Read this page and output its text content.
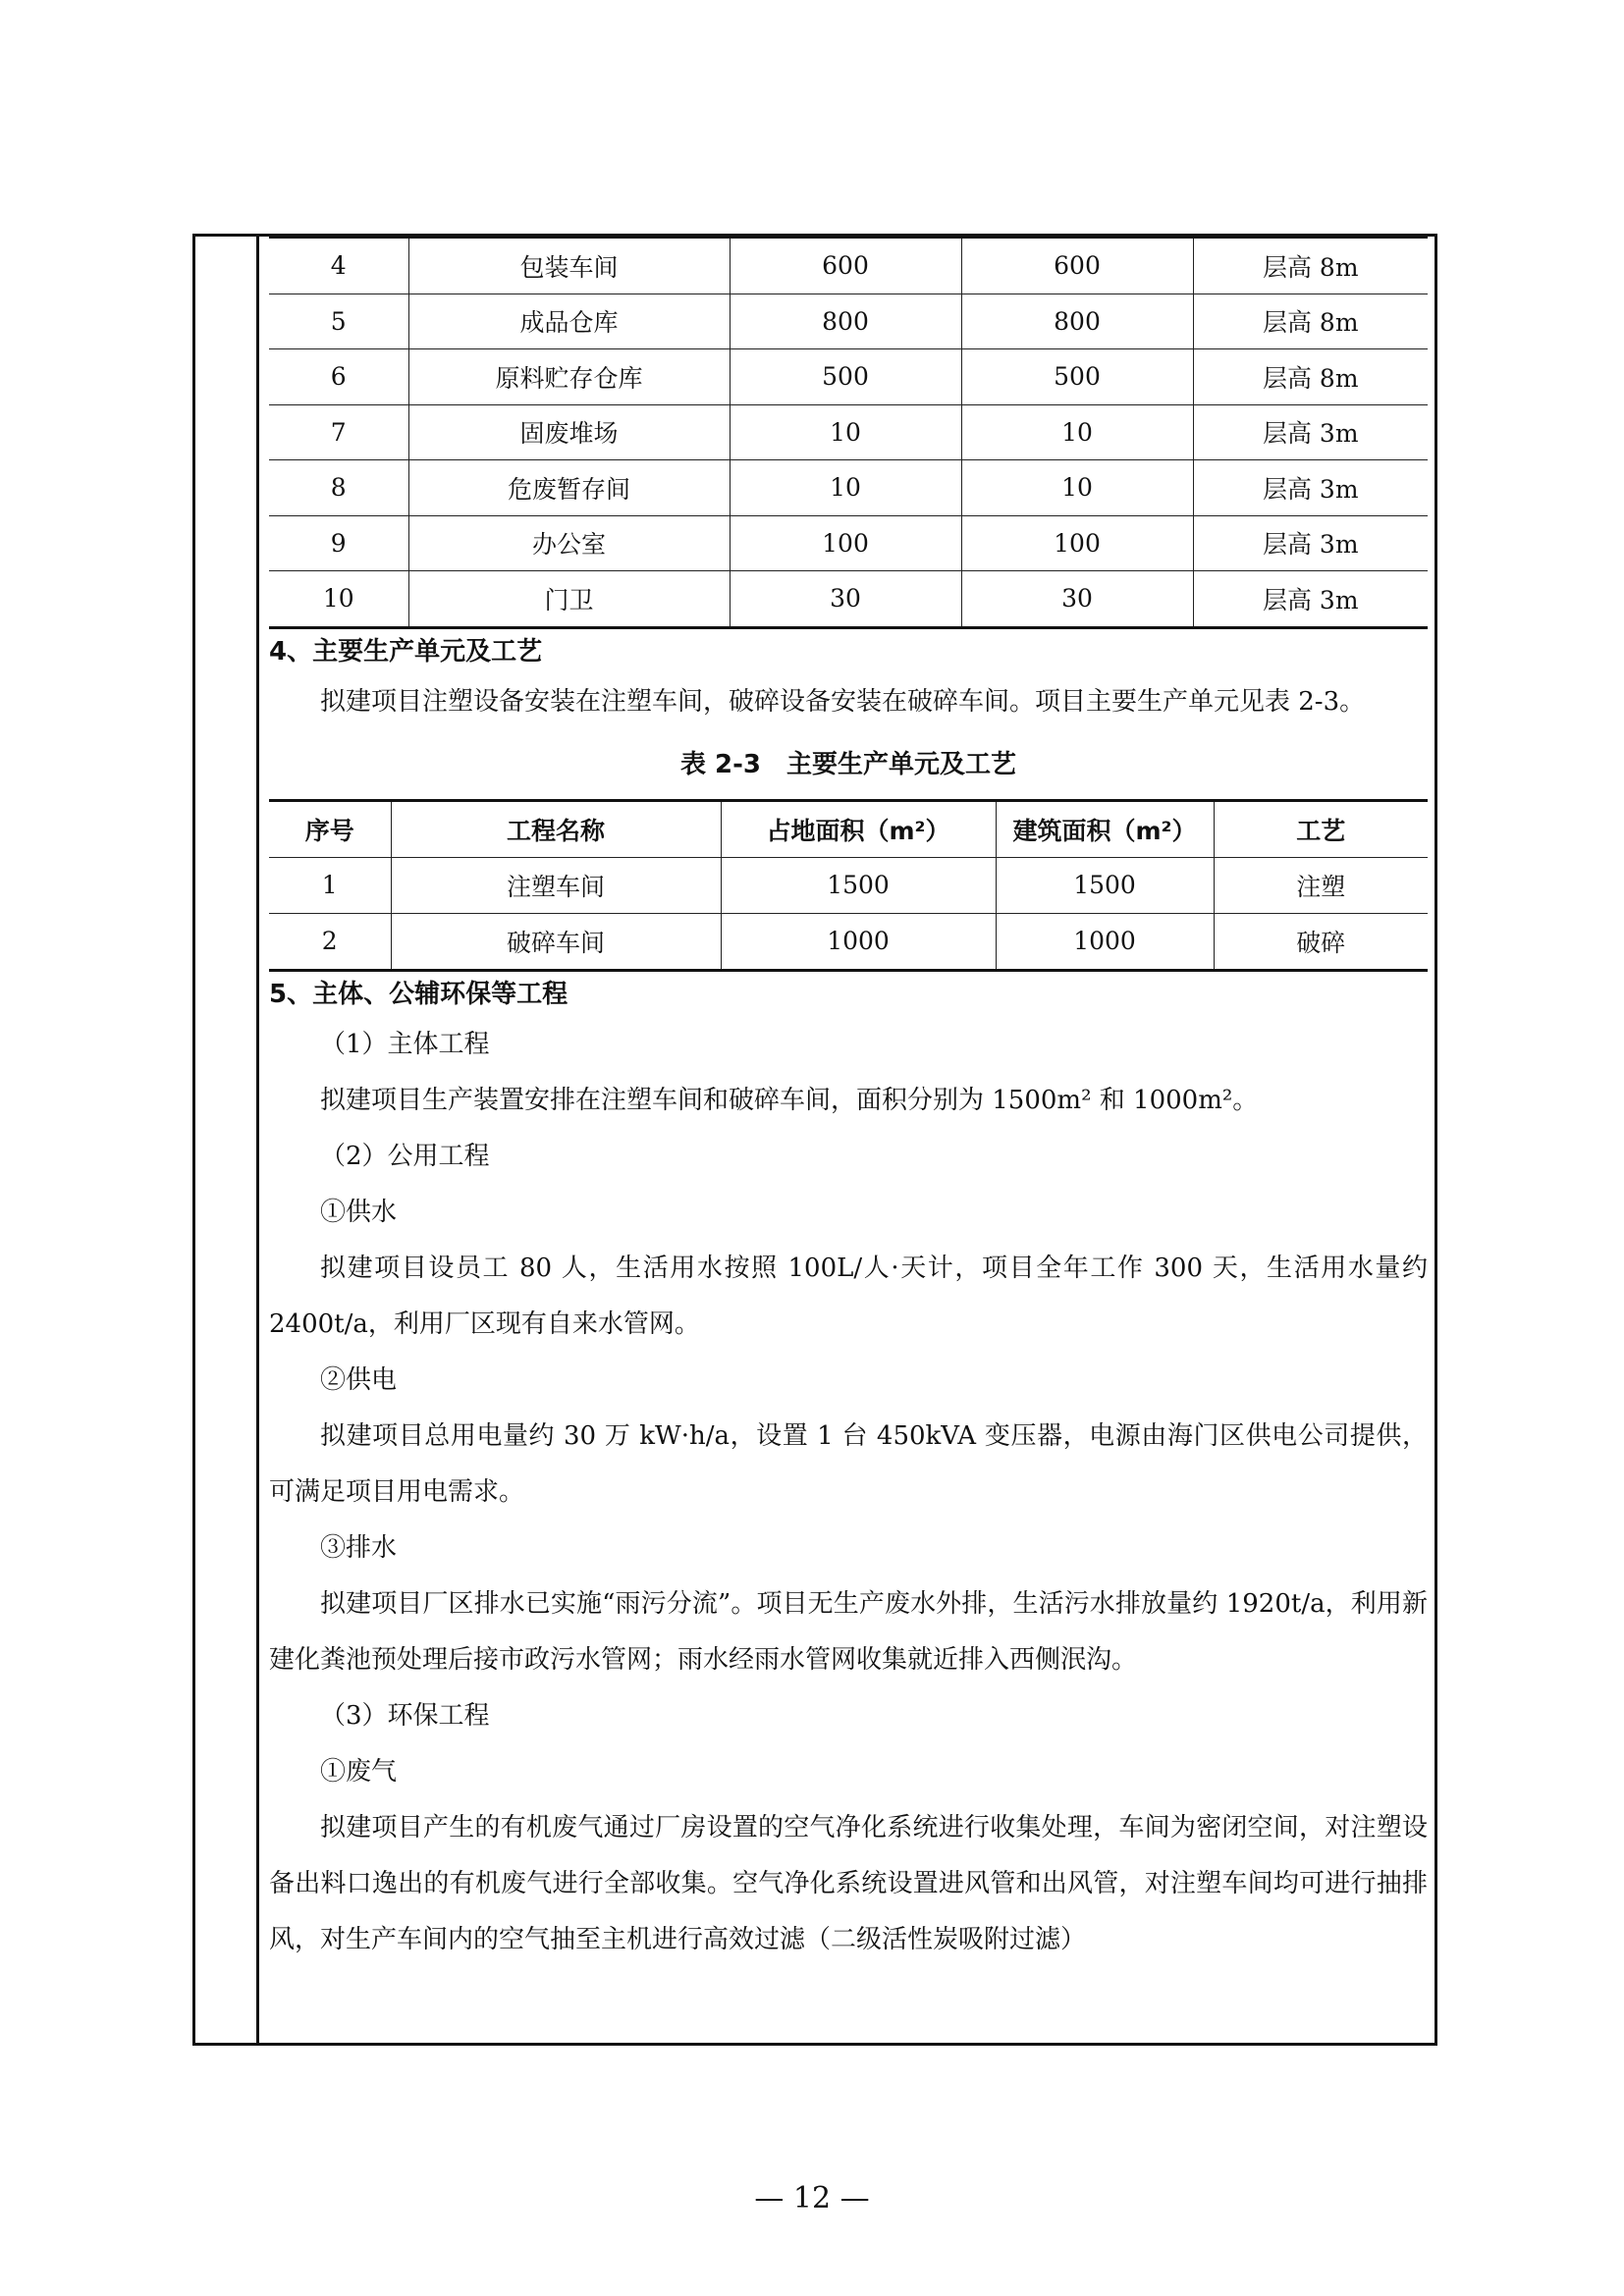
4	包装车间	600	600	层高 8m
5	成品仓库	800	800	层高 8m
6	原料贮存仓库	500	500	层高 8m
7	固废堆场	10	10	层高 3m
8	危废暂存间	10	10	层高 3m
9	办公室	100	100	层高 3m
10	门卫	30	30	层高 3m
4、主要生产单元及工艺

拟建项目注塑设备安装在注塑车间，破碎设备安装在破碎车间。项目主要生产单元见表 2-3。

表 2-3　主要生产单元及工艺
序号	工程名称	占地面积（m²）	建筑面积（m²）	工艺
1	注塑车间	1500	1500	注塑
2	破碎车间	1000	1000	破碎
5、主体、公辅环保等工程

（1）主体工程

拟建项目生产装置安排在注塑车间和破碎车间，面积分别为 1500m² 和 1000m²。

（2）公用工程

①供水

拟建项目设员工 80 人，生活用水按照 100L/人·天计，项目全年工作 300 天，生活用水量约 2400t/a，利用厂区现有自来水管网。

②供电

拟建项目总用电量约 30 万 kW·h/a，设置 1 台 450kVA 变压器，电源由海门区供电公司提供，可满足项目用电需求。

③排水

拟建项目厂区排水已实施“雨污分流”。项目无生产废水外排，生活污水排放量约 1920t/a，利用新建化粪池预处理后接市政污水管网；雨水经雨水管网收集就近排入西侧泯沟。

（3）环保工程

①废气

拟建项目产生的有机废气通过厂房设置的空气净化系统进行收集处理，车间为密闭空间，对注塑设备出料口逸出的有机废气进行全部收集。空气净化系统设置进风管和出风管，对注塑车间均可进行抽排风，对生产车间内的空气抽至主机进行高效过滤（二级活性炭吸附过滤）

— 12 —
